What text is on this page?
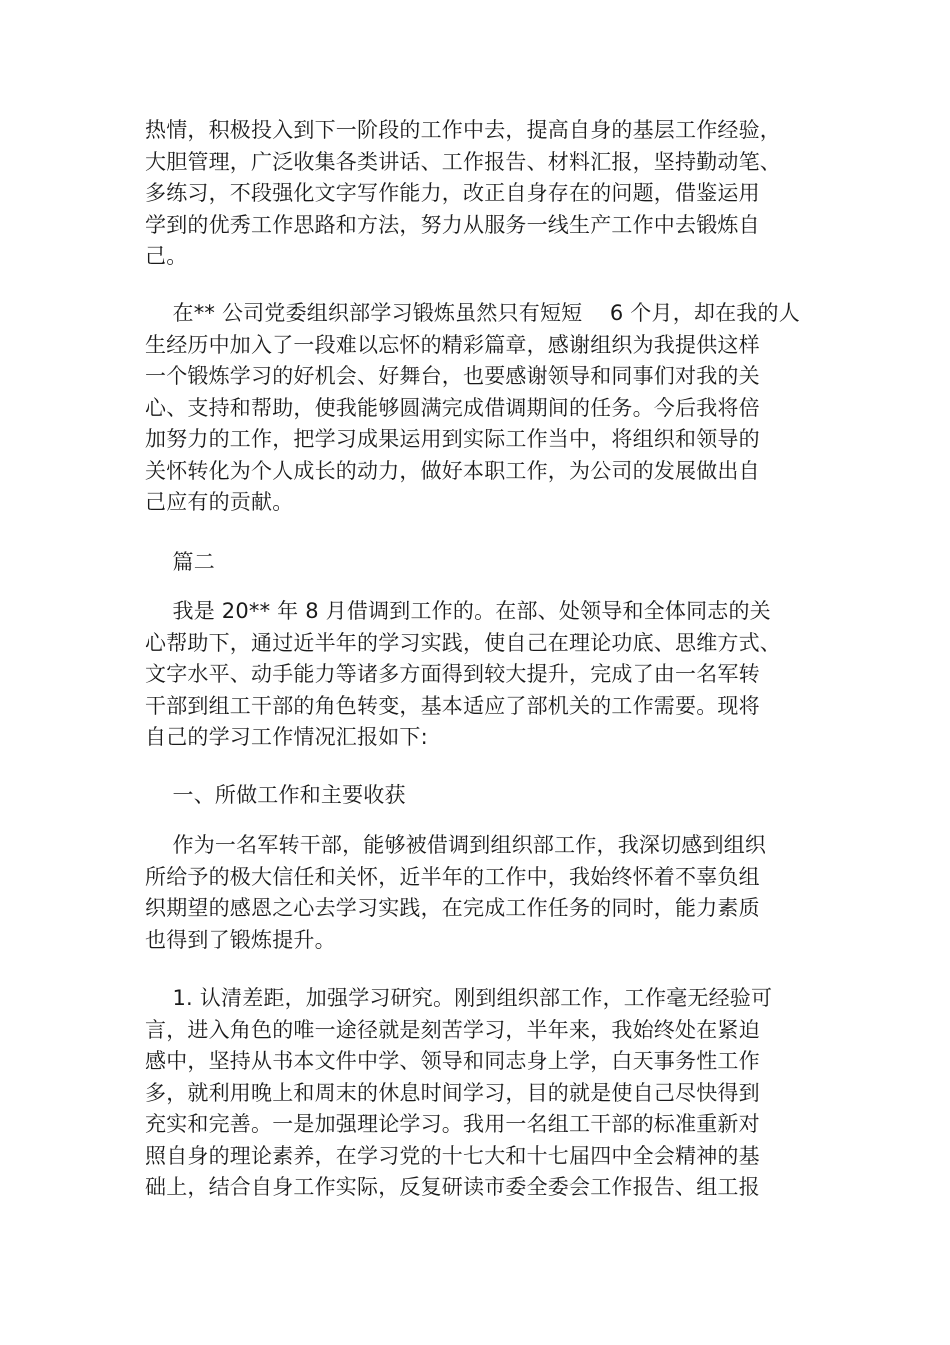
热情，积极投入到下一阶段的工作中去，提高自身的基层工作经验，
大胆管理，广泛收集各类讲话、工作报告、材料汇报，坚持勤动笔、
多练习，不段强化文字写作能力，改正自身存在的问题，借鉴运用
学到的优秀工作思路和方法，努力从服务一线生产工作中去锻炼自
己。
在** 公司党委组织部学习锻炼虽然只有短短    6 个月，却在我的人
生经历中加入了一段难以忘怀的精彩篇章，感谢组织为我提供这样
一个锻炼学习的好机会、好舞台，也要感谢领导和同事们对我的关
心、支持和帮助，使我能够圆满完成借调期间的任务。今后我将倍
加努力的工作，把学习成果运用到实际工作当中，将组织和领导的
关怀转化为个人成长的动力，做好本职工作，为公司的发展做出自
己应有的贡献。
篇二
我是 20** 年 8 月借调到工作的。在部、处领导和全体同志的关
心帮助下，通过近半年的学习实践，使自己在理论功底、思维方式、
文字水平、动手能力等诸多方面得到较大提升，完成了由一名军转
干部到组工干部的角色转变，基本适应了部机关的工作需要。现将
自己的学习工作情况汇报如下:
一、所做工作和主要收获
作为一名军转干部，能够被借调到组织部工作，我深切感到组织
所给予的极大信任和关怀，近半年的工作中，我始终怀着不辜负组
织期望的感恩之心去学习实践，在完成工作任务的同时，能力素质
也得到了锻炼提升。
1. 认清差距，加强学习研究。刚到组织部工作，工作毫无经验可
言，进入角色的唯一途径就是刻苦学习，半年来，我始终处在紧迫
感中，坚持从书本文件中学、领导和同志身上学，白天事务性工作
多，就利用晚上和周末的休息时间学习，目的就是使自己尽快得到
充实和完善。一是加强理论学习。我用一名组工干部的标准重新对
照自身的理论素养，在学习党的十七大和十七届四中全会精神的基
础上，结合自身工作实际，反复研读市委全委会工作报告、组工报
